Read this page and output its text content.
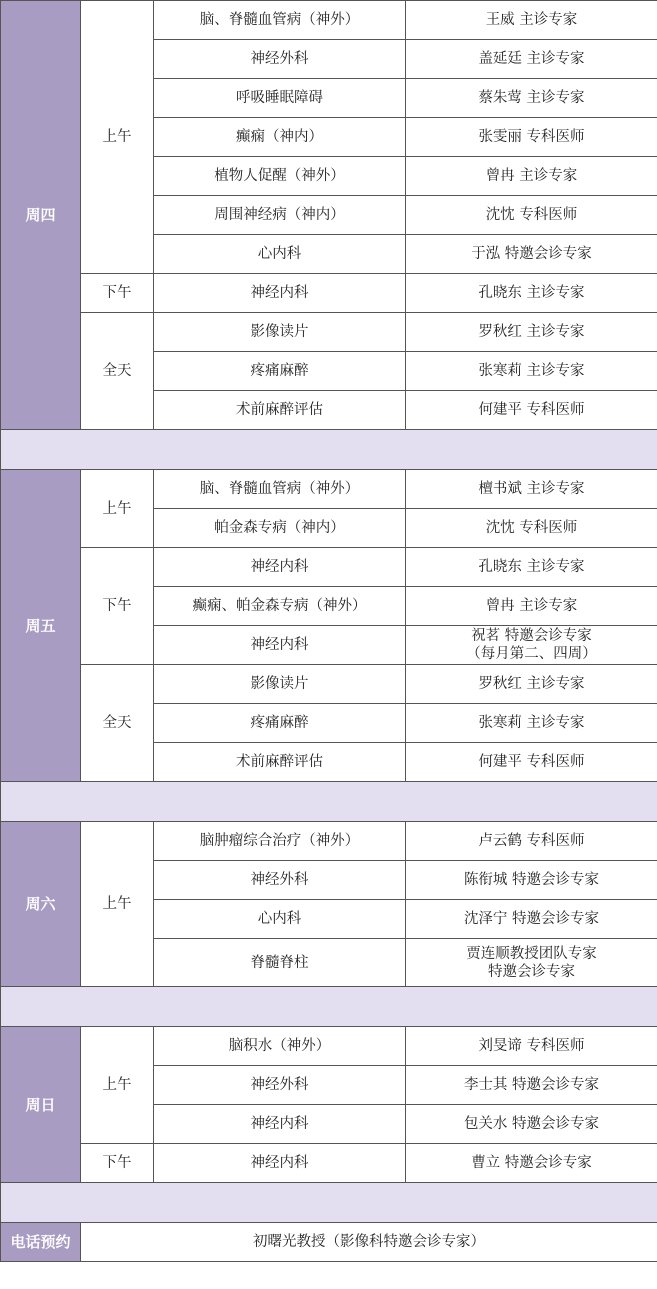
周四	上午	脑、脊髓血管病（神外）	王威 主诊专家
		神经外科	盖延廷 主诊专家
		呼吸睡眠障碍	蔡朱莺 主诊专家
		癫痫（神内）	张雯丽 专科医师
		植物人促醒（神外）	曾冉 主诊专家
		周围神经病（神内）	沈忱 专科医师
		心内科	于泓 特邀会诊专家
	下午	神经内科	孔晓东 主诊专家
	全天	影像读片	罗秋红 主诊专家
		疼痛麻醉	张寒莉 主诊专家
		术前麻醉评估	何建平 专科医师

周五	上午	脑、脊髓血管病（神外）	檀书斌 主诊专家
		帕金森专病（神内）	沈忱 专科医师
	下午	神经内科	孔晓东 主诊专家
		癫痫、帕金森专病（神外）	曾冉 主诊专家
		神经内科	祝茗 特邀会诊专家
（每月第二、四周）

	全天	影像读片	罗秋红 主诊专家
		疼痛麻醉	张寒莉 主诊专家
		术前麻醉评估	何建平 专科医师

周六	上午	脑肿瘤综合治疗（神外）	卢云鹤 专科医师
		神经外科	陈衔城 特邀会诊专家
		心内科	沈泽宁 特邀会诊专家
		脊髓脊柱	贾连顺教授团队专家
特邀会诊专家

周日	上午	脑积水（神外）	刘旻谛 专科医师
		神经外科	李士其 特邀会诊专家
		神经内科	包关水 特邀会诊专家
	下午	神经内科	曹立 特邀会诊专家

电话预约	初曙光教授（影像科特邀会诊专家）		
